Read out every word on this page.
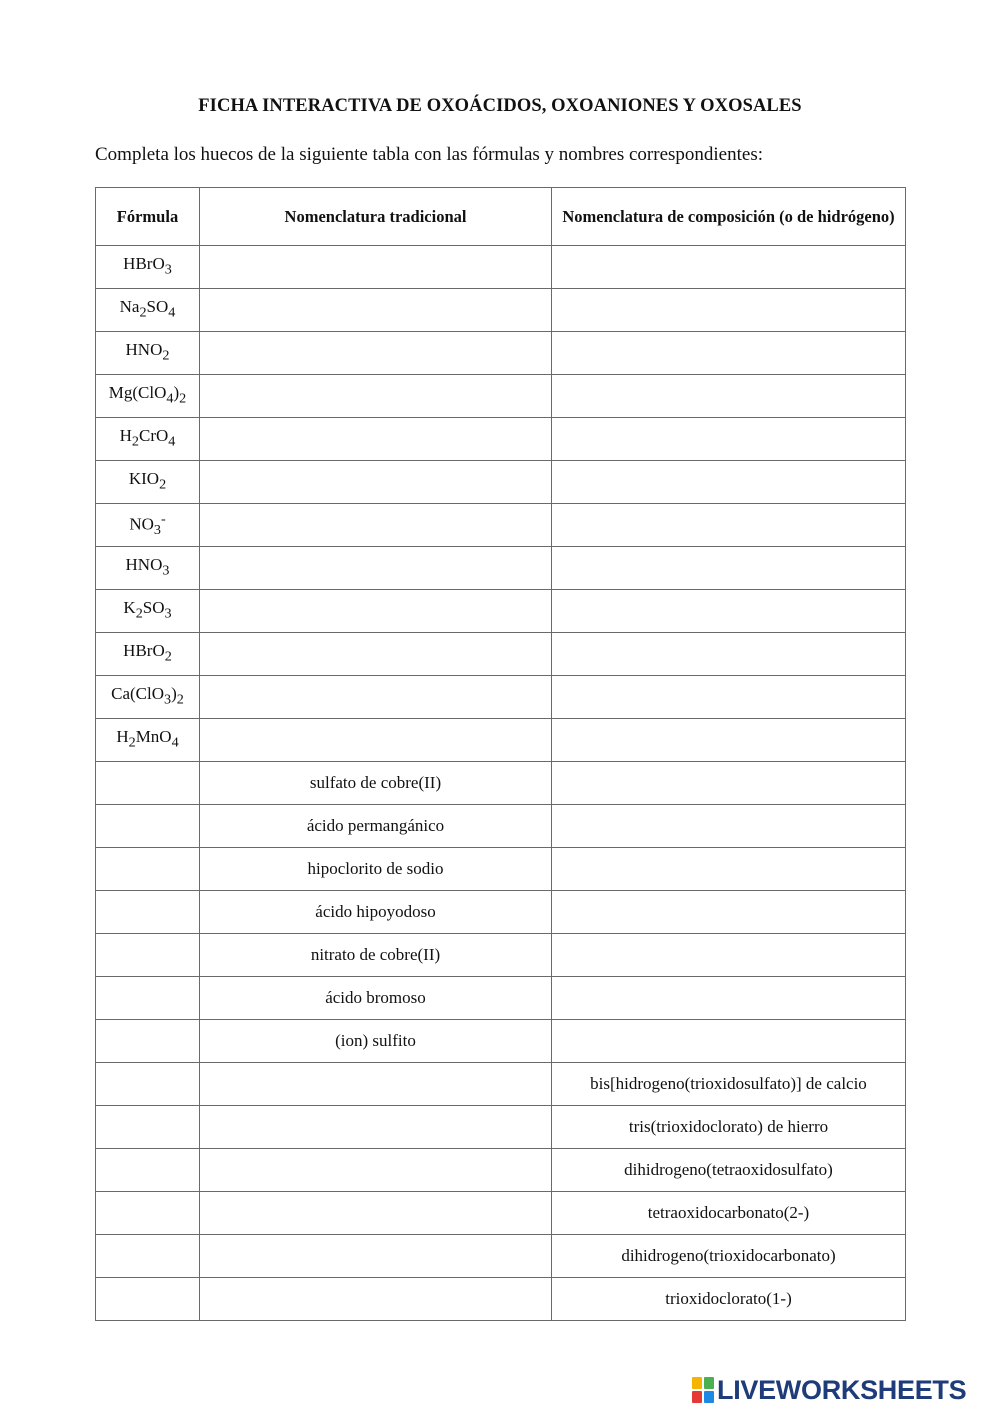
FICHA INTERACTIVA DE OXOÁCIDOS, OXOANIONES Y OXOSALES
Completa los huecos de la siguiente tabla con las fórmulas y nombres correspondientes:
Fórmula	Nomenclatura tradicional	Nomenclatura de composición (o de hidrógeno)
HBrO$_3$		
$Na_2SO_4$		
$HNO_2$		
$Mg(ClO_4)_2$		
$H_2CrO_4$		
$KIO_2$		
$NO_3^-$		
$HNO_3$		
$K_2SO_3$		
HBrO$_2$		
$Ca(ClO_3)_2$		
$H_2MnO_4$		
	sulfato de cobre(II)	
	ácido permangánico	
	hipoclorito de sodio	
	ácido hipoyodoso	
	nitrato de cobre(II)	
	ácido bromoso	
	(ion) sulfito	
		bis[hidrogeno(trioxidosulfato)] de calcio
		tris(trioxidoclorato) de hierro
		dihidrogeno(tetraoxidosulfato)
		tetraoxidocarbonato(2-)
		dihidrogeno(trioxidocarbonato)
		trioxidoclorato(1-)
LIVEWORKSHEETS
